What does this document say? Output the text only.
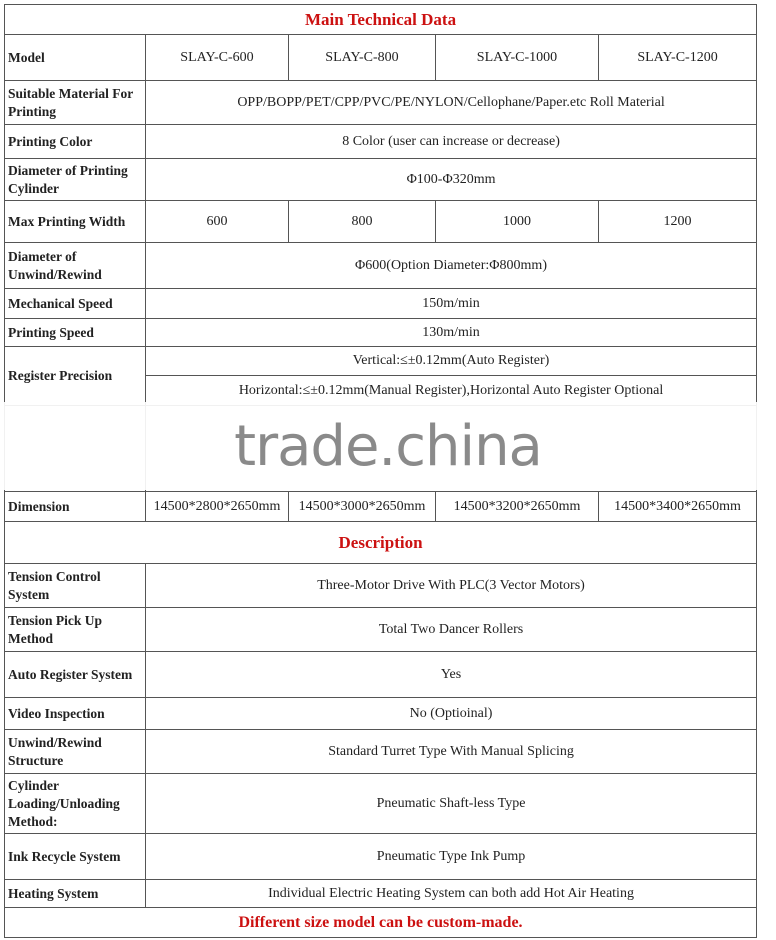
Main Technical Data				
Model	SLAY-C-600	SLAY-C-800	SLAY-C-1000	SLAY-C-1200
Suitable Material For Printing	OPP/BOPP/PET/CPP/PVC/PE/NYLON/Cellophane/Paper.etc Roll Material			
Printing Color	8 Color (user can increase or decrease)			
Diameter of Printing Cylinder	Φ100-Φ320mm			
Max Printing Width	600	800	1000	1200
Diameter of Unwind/Rewind	Φ600(Option Diameter:Φ800mm)			
Mechanical Speed	150m/min			
Printing Speed	130m/min			
Register Precision	Vertical:≤±0.12mm(Auto Register)			
	Horizontal:≤±0.12mm(Manual Register),Horizontal Auto Register Optional			

Dimension	14500*2800*2650mm	14500*3000*2650mm	14500*3200*2650mm	14500*3400*2650mm
Description				
Tension Control System	Three-Motor Drive With PLC(3 Vector Motors)			
Tension Pick Up Method	Total Two Dancer Rollers			
Auto Register System	Yes			
Video Inspection	No (Optioinal)			
Unwind/Rewind Structure	Standard Turret Type With Manual Splicing			
Cylinder Loading/Unloading Method:	Pneumatic Shaft-less Type			
Ink Recycle System	Pneumatic Type Ink Pump			
Heating System	Individual Electric Heating System can both add Hot Air Heating			
Different size model can be custom-made.				
trade.china
